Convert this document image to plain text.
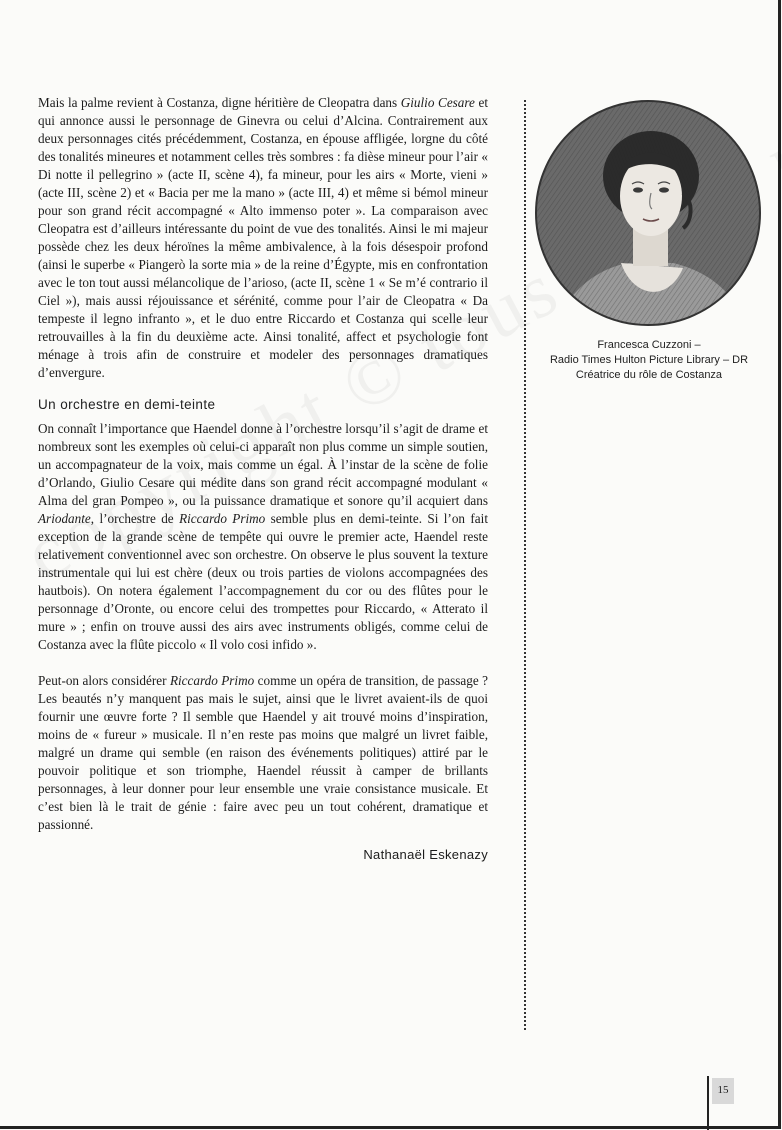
Mais la palme revient à Costanza, digne héritière de Cleopatra dans Giulio Cesare et qui annonce aussi le personnage de Ginevra ou celui d’Alcina. Contrairement aux deux personnages cités précédemment, Costanza, en épouse affligée, lorgne du côté des tonalités mineures et notamment celles très sombres : fa dièse mineur pour l’air « Di notte il pellegrino » (acte II, scène 4), fa mineur, pour les airs « Morte, vieni » (acte III, scène 2) et « Bacia per me la mano » (acte III, 4) et même si bémol mineur pour son grand récit accompagné « Alto immenso poter ». La comparaison avec Cleopatra est d’ailleurs intéressante du point de vue des tonalités. Ainsi le mi majeur possède chez les deux héroïnes la même ambivalence, à la fois désespoir profond (ainsi le superbe « Piangerò la sorte mia » de la reine d’Égypte, mis en confrontation avec le ton tout aussi mélancolique de l’arioso, (acte II, scène 1 « Se m’é contrario il Ciel »), mais aussi réjouissance et sérénité, comme pour l’air de Cleopatra « Da tempeste il legno infranto », et le duo entre Riccardo et Costanza qui scelle leur retrouvailles à la fin du deuxième acte. Ainsi tonalité, affect et psychologie font ménage à trois afin de construire et modeler des personnages dramatiques d’envergure.

Un orchestre en demi-teinte

On connaît l’importance que Haendel donne à l’orchestre lorsqu’il s’agit de drame et nombreux sont les exemples où celui-ci apparaît non plus comme un simple soutien, un accompagnateur de la voix, mais comme un égal. À l’instar de la scène de folie d’Orlando, Giulio Cesare qui médite dans son grand récit accompagné modulant « Alma del gran Pompeo », ou la puissance dramatique et sonore qu’il acquiert dans Ariodante, l’orchestre de Riccardo Primo semble plus en demi-teinte. Si l’on fait exception de la grande scène de tempête qui ouvre le premier acte, Haendel reste relativement conventionnel avec son orchestre. On observe le plus souvent la texture instrumentale qui lui est chère (deux ou trois parties de violons accompagnées des hautbois). On notera également l’accompagnement du cor ou des flûtes pour le personnage d’Oronte, ou encore celui des trompettes pour Riccardo, « Atterato il mure » ; enfin on trouve aussi des airs avec instruments obligés, comme celui de Costanza avec la flûte piccolo « Il volo cosi infido ».

Peut-on alors considérer Riccardo Primo comme un opéra de transition, de passage ? Les beautés n’y manquent pas mais le sujet, ainsi que le livret avaient-ils de quoi fournir une œuvre forte ? Il semble que Haendel y ait trouvé moins d’inspiration, moins de « fureur » musicale. Il n’en reste pas moins que malgré un livret faible, malgré un drame qui semble (en raison des événements politiques) attiré par le pouvoir politique et son triomphe, Haendel réussit à camper de brillants personnages, à leur donner pour leur ensemble une vraie consistance musicale. Et c’est bien là le trait de génie : faire avec peu un tout cohérent, dramatique et passionné.

Nathanaël Eskenazy
Francesca Cuzzoni –
Radio Times Hulton Picture Library – DR
Créatrice du rôle de Costanza
15
